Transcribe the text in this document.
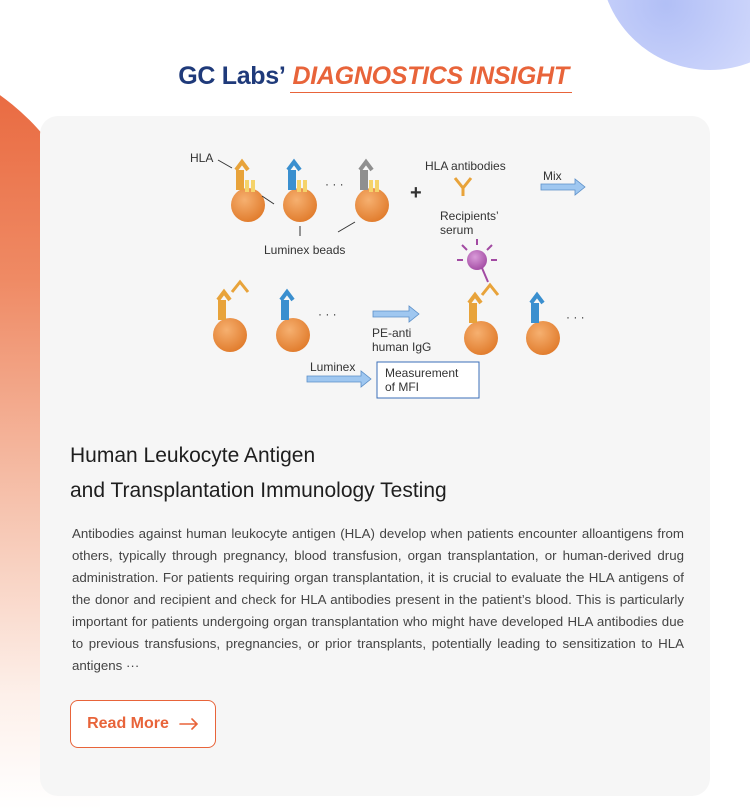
GC Labs’ DIAGNOSTICS INSIGHT
· · ·
HLA
+
HLA antibodies
Recipients’
serum
Mix
Luminex beads
· · ·
PE-anti
human IgG
· · ·
Luminex Measurement
of MFI
Human Leukocyte Antigen
and Transplantation Immunology Testing

Antibodies against human leukocyte antigen (HLA) develop when patients encounter alloantigens from others, typically through pregnancy, blood transfusion, organ transplantation, or human-derived drug administration. For patients requiring organ transplantation, it is crucial to evaluate the HLA antigens of the donor and recipient and check for HLA antibodies present in the patient’s blood. This is particularly important for patients undergoing organ transplantation who might have developed HLA antibodies due to previous transfusions, pregnancies, or prior transplants, potentially leading to sensitization to HLA antigens ···

Read More
